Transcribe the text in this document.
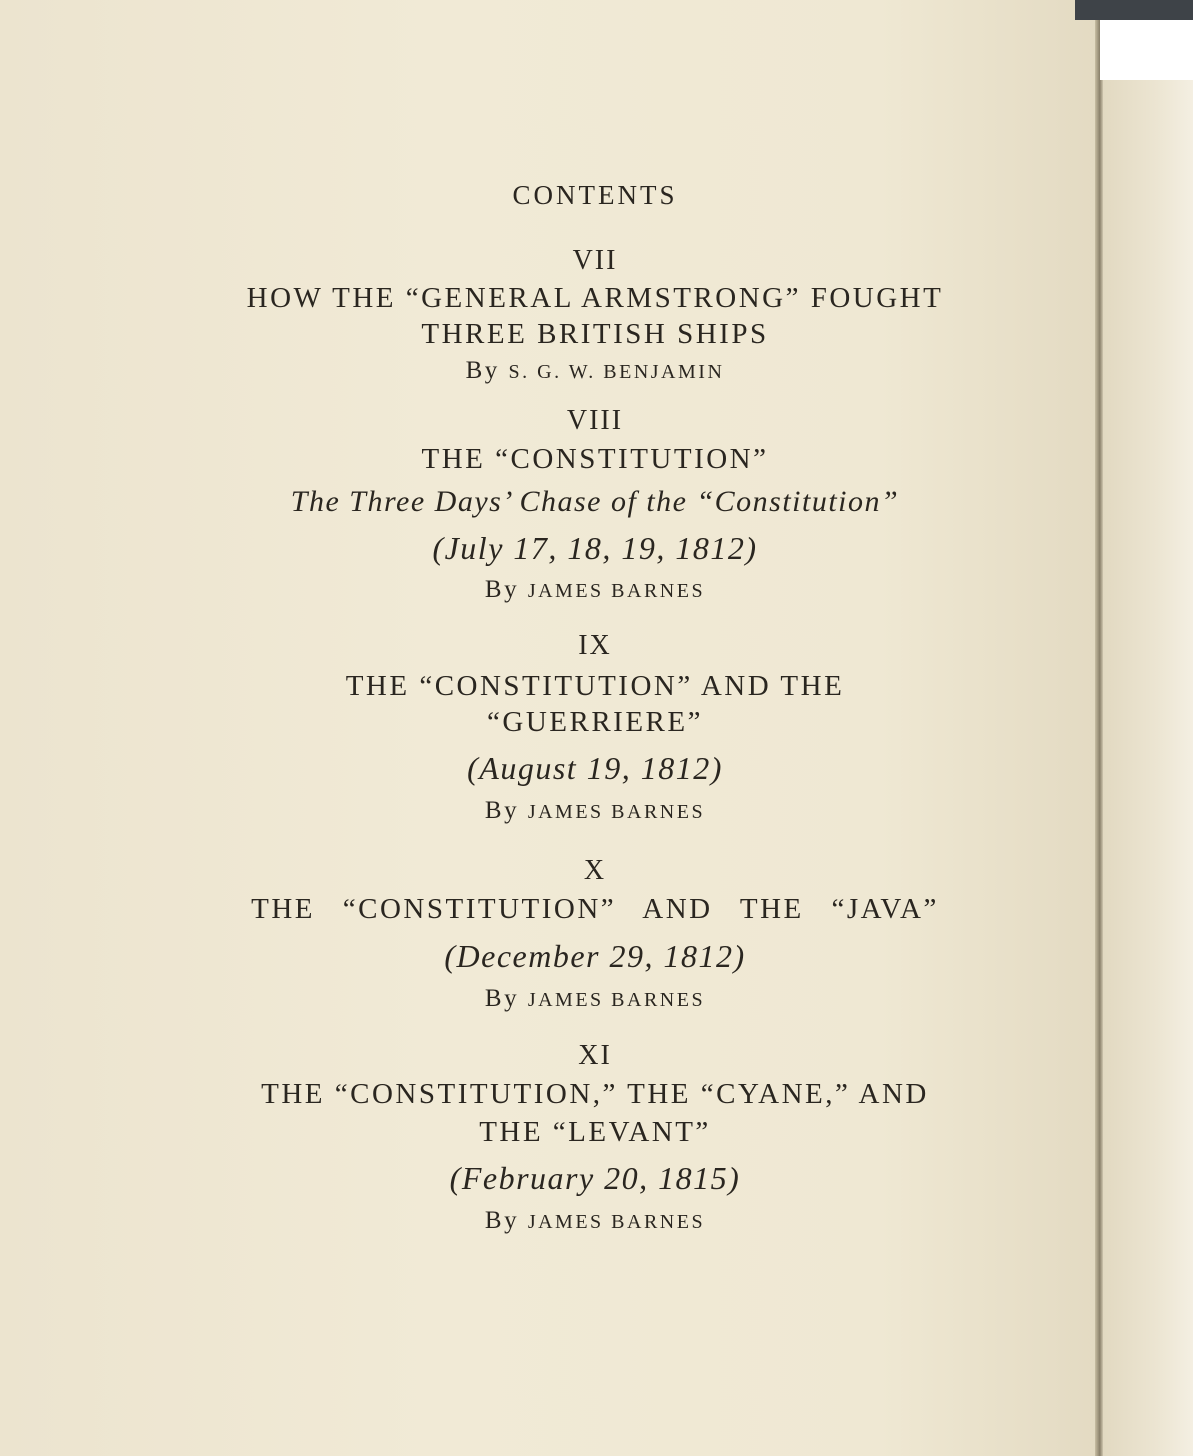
CONTENTS
VII
HOW THE “GENERAL ARMSTRONG” FOUGHT
THREE BRITISH SHIPS
By S. G. W. BENJAMIN
VIII
THE “CONSTITUTION”
The Three Days’ Chase of the “Constitution”
(July 17, 18, 19, 1812)
By JAMES BARNES
IX
THE “CONSTITUTION” AND THE
“GUERRIERE”
(August 19, 1812)
By JAMES BARNES
X
THE “CONSTITUTION” AND THE “JAVA”
(December 29, 1812)
By JAMES BARNES
XI
THE “CONSTITUTION,” THE “CYANE,” AND
THE “LEVANT”
(February 20, 1815)
By JAMES BARNES
